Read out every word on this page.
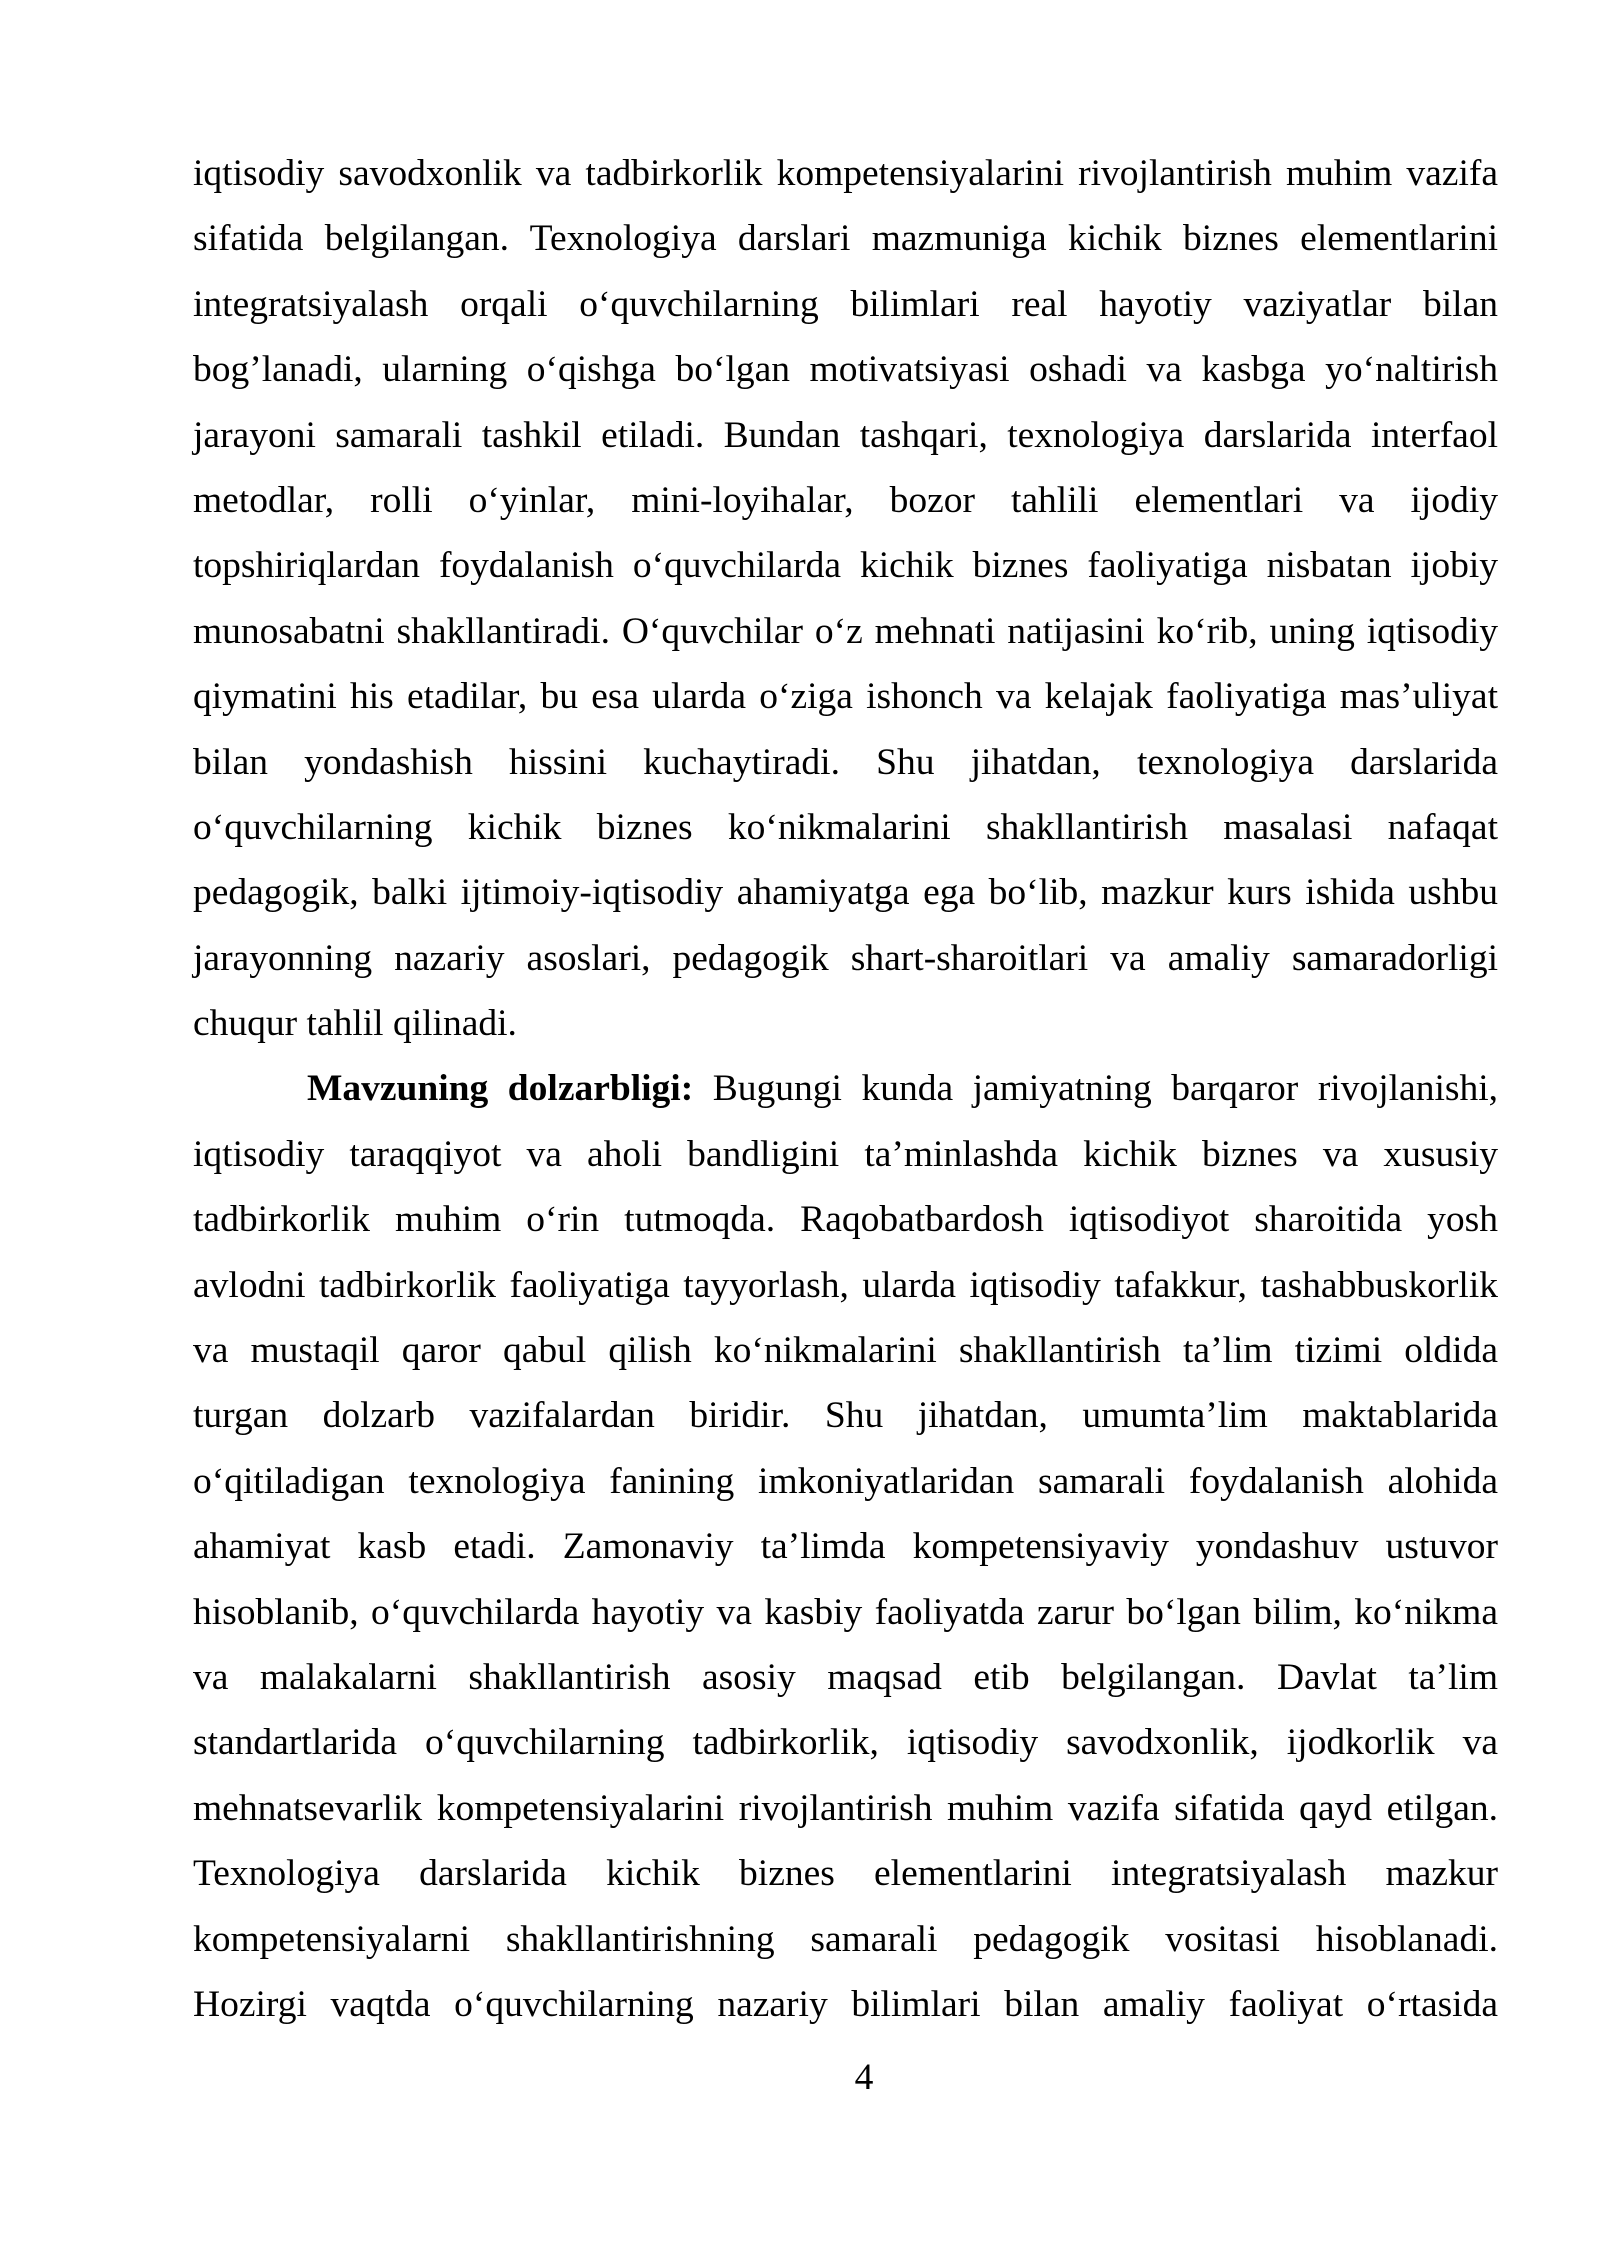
iqtisodiy savodxonlik va tadbirkorlik kompetensiyalarini rivojlantirish muhim vazifa
sifatida belgilangan. Texnologiya darslari mazmuniga kichik biznes elementlarini
integratsiyalash orqali o‘quvchilarning bilimlari real hayotiy vaziyatlar bilan
bog’lanadi, ularning o‘qishga bo‘lgan motivatsiyasi oshadi va kasbga yo‘naltirish
jarayoni samarali tashkil etiladi. Bundan tashqari, texnologiya darslarida interfaol
metodlar, rolli o‘yinlar, mini-loyihalar, bozor tahlili elementlari va ijodiy
topshiriqlardan foydalanish o‘quvchilarda kichik biznes faoliyatiga nisbatan ijobiy
munosabatni shakllantiradi. O‘quvchilar o‘z mehnati natijasini ko‘rib, uning iqtisodiy
qiymatini his etadilar, bu esa ularda o‘ziga ishonch va kelajak faoliyatiga mas’uliyat
bilan yondashish hissini kuchaytiradi. Shu jihatdan, texnologiya darslarida
o‘quvchilarning kichik biznes ko‘nikmalarini shakllantirish masalasi nafaqat
pedagogik, balki ijtimoiy-iqtisodiy ahamiyatga ega bo‘lib, mazkur kurs ishida ushbu
jarayonning nazariy asoslari, pedagogik shart-sharoitlari va amaliy samaradorligi
chuqur tahlil qilinadi.
Mavzuning dolzarbligi: Bugungi kunda jamiyatning barqaror rivojlanishi,
iqtisodiy taraqqiyot va aholi bandligini ta’minlashda kichik biznes va xususiy
tadbirkorlik muhim o‘rin tutmoqda. Raqobatbardosh iqtisodiyot sharoitida yosh
avlodni tadbirkorlik faoliyatiga tayyorlash, ularda iqtisodiy tafakkur, tashabbuskorlik
va mustaqil qaror qabul qilish ko‘nikmalarini shakllantirish ta’lim tizimi oldida
turgan dolzarb vazifalardan biridir. Shu jihatdan, umumta’lim maktablarida
o‘qitiladigan texnologiya fanining imkoniyatlaridan samarali foydalanish alohida
ahamiyat kasb etadi. Zamonaviy ta’limda kompetensiyaviy yondashuv ustuvor
hisoblanib, o‘quvchilarda hayotiy va kasbiy faoliyatda zarur bo‘lgan bilim, ko‘nikma
va malakalarni shakllantirish asosiy maqsad etib belgilangan. Davlat ta’lim
standartlarida o‘quvchilarning tadbirkorlik, iqtisodiy savodxonlik, ijodkorlik va
mehnatsevarlik kompetensiyalarini rivojlantirish muhim vazifa sifatida qayd etilgan.
Texnologiya darslarida kichik biznes elementlarini integratsiyalash mazkur
kompetensiyalarni shakllantirishning samarali pedagogik vositasi hisoblanadi.
Hozirgi vaqtda o‘quvchilarning nazariy bilimlari bilan amaliy faoliyat o‘rtasida
4
